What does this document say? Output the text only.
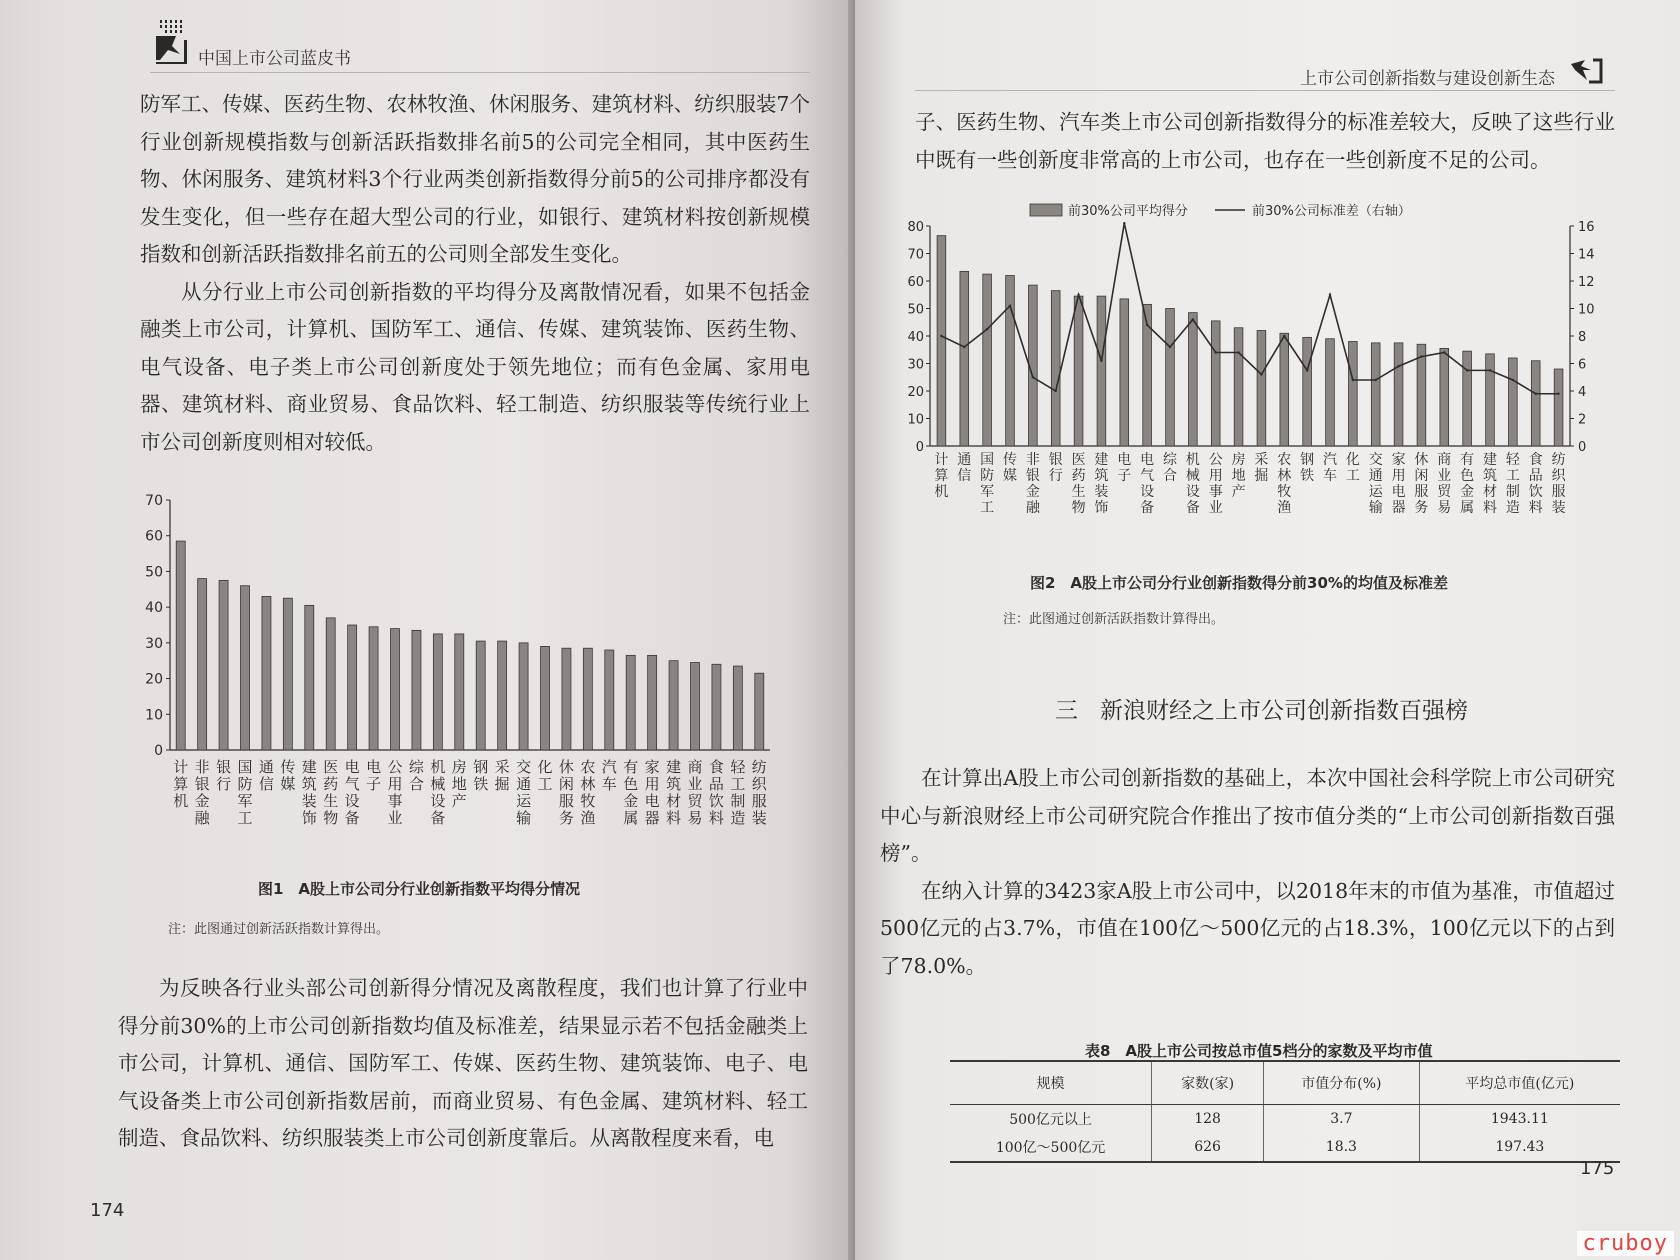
中国上市公司蓝皮书

防军工、传媒、医药生物、农林牧渔、休闲服务、建筑材料、纺织服装7个行业创新规模指数与创新活跃指数排名前5的公司完全相同，其中医药生物、休闲服务、建筑材料3个行业两类创新指数得分前5的公司排序都没有发生变化，但一些存在超大型公司的行业，如银行、建筑材料按创新规模指数和创新活跃指数排名前五的公司则全部发生变化。

从分行业上市公司创新指数的平均得分及离散情况看，如果不包括金融类上市公司，计算机、国防军工、通信、传媒、建筑装饰、医药生物、电气设备、电子类上市公司创新度处于领先地位；而有色金属、家用电器、建筑材料、商业贸易、食品饮料、轻工制造、纺织服装等传统行业上市公司创新度则相对较低。

0
10
20
30
40
50
60
70
计算机
非银金融
银行
国防军工
通信
传媒
建筑装饰
医药生物
电气设备
电子
公用事业
综合
机械设备
房地产
钢铁
采掘
交通运输
化工
休闲服务
农林牧渔
汽车
有色金属
家用电器
建筑材料
商业贸易
食品饮料
轻工制造
纺织服装
图1　A股上市公司分行业创新指数平均得分情况
注：此图通过创新活跃指数计算得出。

为反映各行业头部公司创新得分情况及离散程度，我们也计算了行业中得分前30%的上市公司创新指数均值及标准差，结果显示若不包括金融类上市公司，计算机、通信、国防军工、传媒、医药生物、建筑装饰、电子、电气设备类上市公司创新指数居前，而商业贸易、有色金属、建筑材料、轻工制造、食品饮料、纺织服装类上市公司创新度靠后。从离散程度来看，电

174
上市公司创新指数与建设创新生态

子、医药生物、汽车类上市公司创新指数得分的标准差较大，反映了这些行业中既有一些创新度非常高的上市公司，也存在一些创新度不足的公司。

前30%公司平均得分	前30%公司标准差（右轴）
0
10
20
30
40
50
60
70
80
0
2
4
6
8
10
12
14
16
计算机
通信
国防军工
传媒
非银金融
银行
医药生物
建筑装饰
电子
电气设备
综合
机械设备
公用事业
房地产
采掘
农林牧渔
钢铁
汽车
化工
交通运输
家用电器
休闲服务
商业贸易
有色金属
建筑材料
轻工制造
食品饮料
纺织服装
图2　A股上市公司分行业创新指数得分前30%的均值及标准差
注：此图通过创新活跃指数计算得出。
三 新浪财经之上市公司创新指数百强榜

在计算出A股上市公司创新指数的基础上，本次中国社会科学院上市公司研究中心与新浪财经上市公司研究院合作推出了按市值分类的“上市公司创新指数百强榜”。

在纳入计算的3423家A股上市公司中，以2018年末的市值为基准，市值超过500亿元的占3.7%，市值在100亿～500亿元的占18.3%，100亿元以下的占到了78.0%。

表8　A股上市公司按总市值5档分的家数及平均市值
规模	家数(家)	市值分布(%)	平均总市值(亿元)
500亿元以上	128	3.7	1943.11
100亿～500亿元	626	18.3	197.43
175
cruboy
